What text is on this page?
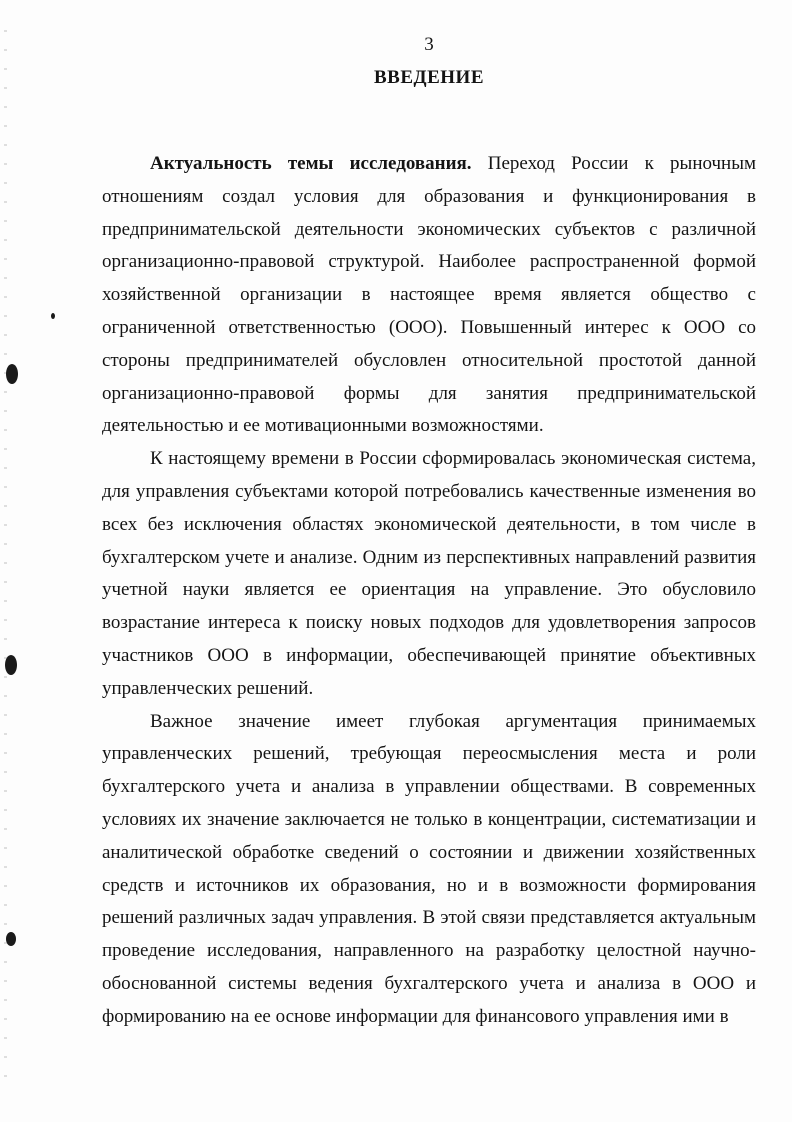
3
ВВЕДЕНИЕ

Актуальность темы исследования. Переход России к рыночным отношениям создал условия для образования и функционирования в предпринимательской деятельности экономических субъектов с различной организационно-правовой структурой. Наиболее распространенной формой хозяйственной организации в настоящее время является общество с ограниченной ответственностью (ООО). Повышенный интерес к ООО со стороны предпринимателей обусловлен относительной простотой данной организационно-правовой формы для занятия предпринимательской деятельностью и ее мотивационными возможностями.

К настоящему времени в России сформировалась экономическая система, для управления субъектами которой потребовались качественные изменения во всех без исключения областях экономической деятельности, в том числе в бухгалтерском учете и анализе. Одним из перспективных направлений развития учетной науки является ее ориентация на управление. Это обусловило возрастание интереса к поиску новых подходов для удовлетворения запросов участников ООО в информации, обеспечивающей принятие объективных управленческих решений.

Важное значение имеет глубокая аргументация принимаемых управленческих решений, требующая переосмысления места и роли бухгалтерского учета и анализа в управлении обществами. В современных условиях их значение заключается не только в концентрации, систематизации и аналитической обработке сведений о состоянии и движении хозяйственных средств и источников их образования, но и в возможности формирования решений различных задач управления. В этой связи представляется актуальным проведение исследования, направленного на разработку целостной научно-обоснованной системы ведения бухгалтерского учета и анализа в ООО и формированию на ее основе информации для финансового управления ими в
